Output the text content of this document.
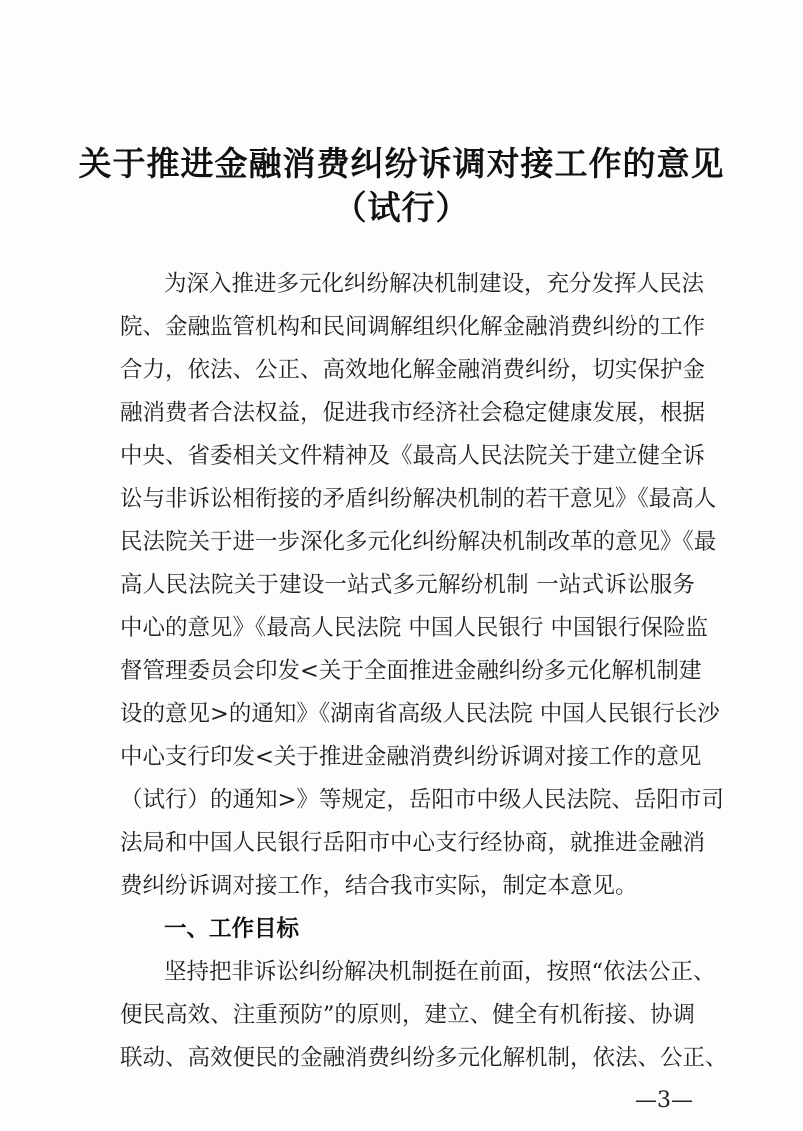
关于推进金融消费纠纷诉调对接工作的意见
（试行）
为深入推进多元化纠纷解决机制建设，充分发挥人民法
院、金融监管机构和民间调解组织化解金融消费纠纷的工作
合力，依法、公正、高效地化解金融消费纠纷，切实保护金
融消费者合法权益，促进我市经济社会稳定健康发展，根据
中央、省委相关文件精神及《最高人民法院关于建立健全诉
讼与非诉讼相衔接的矛盾纠纷解决机制的若干意见》《最高人
民法院关于进一步深化多元化纠纷解决机制改革的意见》《最
高人民法院关于建设一站式多元解纷机制 一站式诉讼服务
中心的意见》《最高人民法院 中国人民银行 中国银行保险监
督管理委员会印发<关于全面推进金融纠纷多元化解机制建
设的意见>的通知》《湖南省高级人民法院 中国人民银行长沙
中心支行印发<关于推进金融消费纠纷诉调对接工作的意见
（试行）的通知>》等规定，岳阳市中级人民法院、岳阳市司
法局和中国人民银行岳阳市中心支行经协商，就推进金融消
费纠纷诉调对接工作，结合我市实际，制定本意见。
一、工作目标
坚持把非诉讼纠纷解决机制挺在前面，按照“依法公正、
便民高效、注重预防”的原则，建立、健全有机衔接、协调
联动、高效便民的金融消费纠纷多元化解机制，依法、公正、
—3—
